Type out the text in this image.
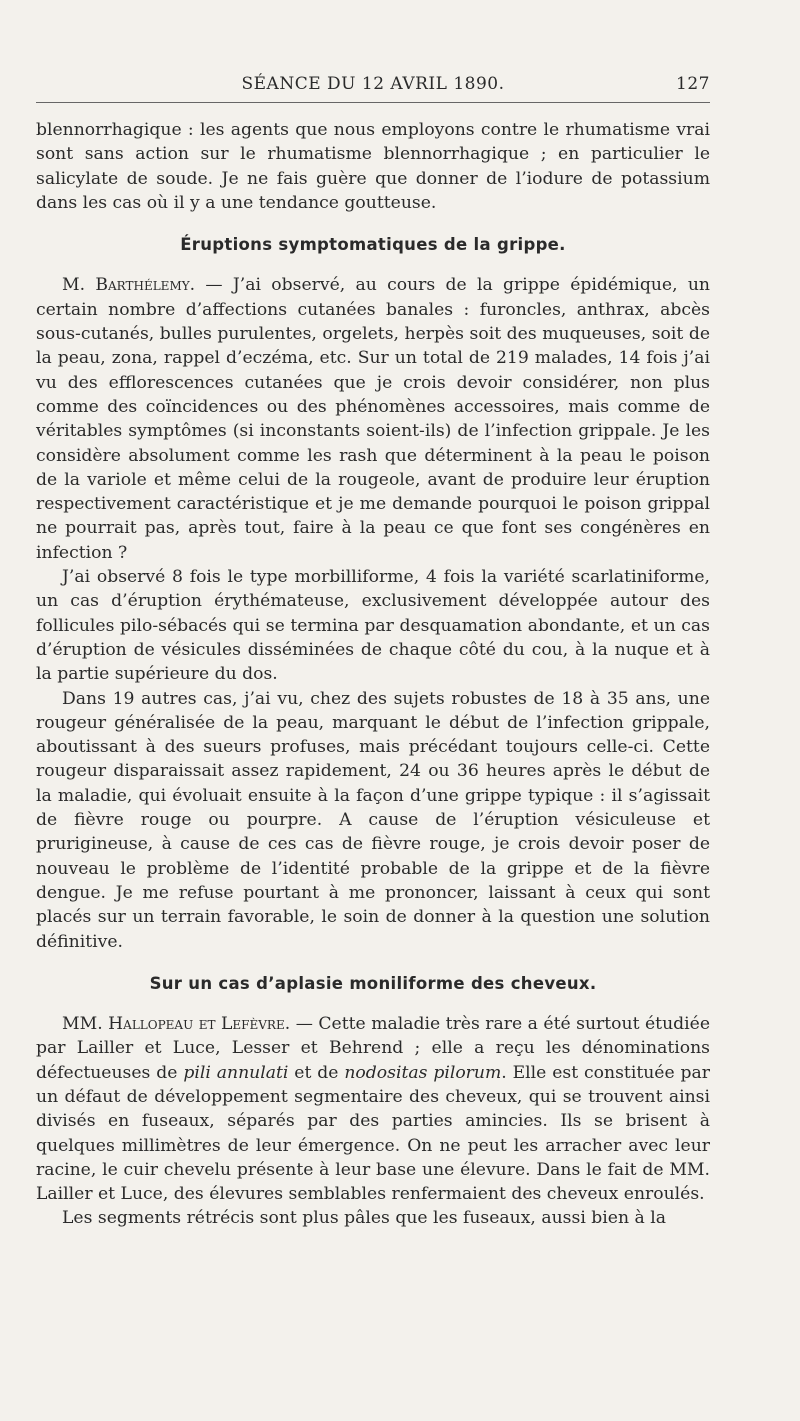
SÉANCE DU 12 AVRIL 1890.	127

blennorrhagique : les agents que nous employons contre le rhumatisme vrai sont sans action sur le rhumatisme blennorrhagique ; en particulier le salicylate de soude. Je ne fais guère que donner de l’iodure de potassium dans les cas où il y a une tendance goutteuse.

Éruptions symptomatiques de la grippe.

M. Barthélemy. — J’ai observé, au cours de la grippe épidémique, un certain nombre d’affections cutanées banales : furoncles, anthrax, abcès sous-cutanés, bulles purulentes, orgelets, herpès soit des muqueuses, soit de la peau, zona, rappel d’eczéma, etc. Sur un total de 219 malades, 14 fois j’ai vu des efflorescences cutanées que je crois devoir considérer, non plus comme des coïncidences ou des phénomènes accessoires, mais comme de véritables symptômes (si inconstants soient-ils) de l’infection grippale. Je les considère absolument comme les rash que déterminent à la peau le poison de la variole et même celui de la rougeole, avant de produire leur éruption respectivement caractéristique et je me demande pourquoi le poison grippal ne pourrait pas, après tout, faire à la peau ce que font ses congénères en infection ?

J’ai observé 8 fois le type morbilliforme, 4 fois la variété scarlatiniforme, un cas d’éruption érythémateuse, exclusivement développée autour des follicules pilo-sébacés qui se termina par desquamation abondante, et un cas d’éruption de vésicules disséminées de chaque côté du cou, à la nuque et à la partie supérieure du dos.

Dans 19 autres cas, j’ai vu, chez des sujets robustes de 18 à 35 ans, une rougeur généralisée de la peau, marquant le début de l’infection grippale, aboutissant à des sueurs profuses, mais précédant toujours celle-ci. Cette rougeur disparaissait assez rapidement, 24 ou 36 heures après le début de la maladie, qui évoluait ensuite à la façon d’une grippe typique : il s’agissait de fièvre rouge ou pourpre. A cause de l’éruption vésiculeuse et prurigineuse, à cause de ces cas de fièvre rouge, je crois devoir poser de nouveau le problème de l’identité probable de la grippe et de la fièvre dengue. Je me refuse pourtant à me prononcer, laissant à ceux qui sont placés sur un terrain favorable, le soin de donner à la question une solution définitive.

Sur un cas d’aplasie moniliforme des cheveux.

MM. Hallopeau et Lefèvre. — Cette maladie très rare a été surtout étudiée par Lailler et Luce, Lesser et Behrend ; elle a reçu les dénominations défectueuses de pili annulati et de nodositas pilorum. Elle est constituée par un défaut de développement segmentaire des cheveux, qui se trouvent ainsi divisés en fuseaux, séparés par des parties amincies. Ils se brisent à quelques millimètres de leur émergence. On ne peut les arracher avec leur racine, le cuir chevelu présente à leur base une élevure. Dans le fait de MM. Lailler et Luce, des élevures semblables renfermaient des cheveux enroulés.

Les segments rétrécis sont plus pâles que les fuseaux, aussi bien à la
